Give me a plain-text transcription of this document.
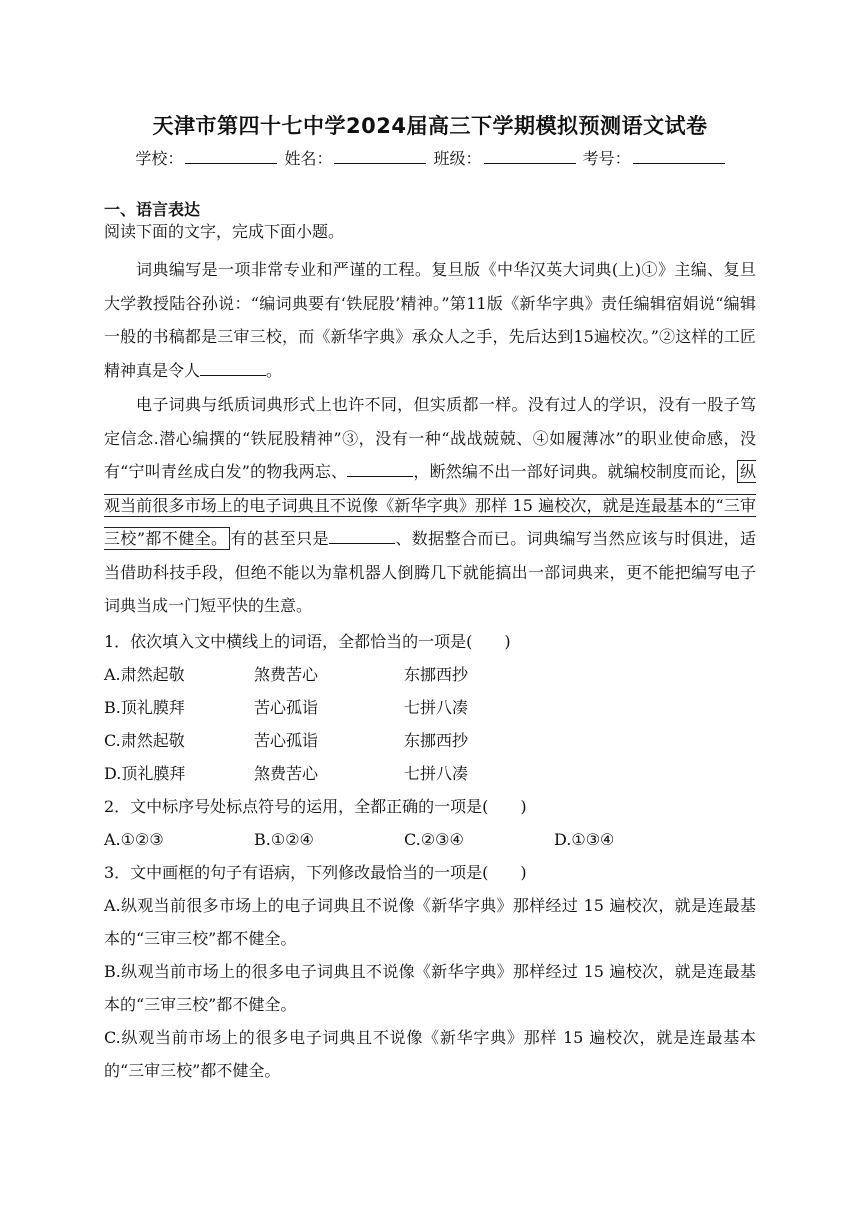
天津市第四十七中学2024届高三下学期模拟预测语文试卷
学校：	姓名：	班级：	考号：
一、语言表达
阅读下面的文字，完成下面小题。

词典编写是一项非常专业和严谨的工程。复旦版《中华汉英大词典(上)①》主编、复旦大学教授陆谷孙说：“编词典要有‘铁屁股’精神。”第11版《新华字典》责任编辑宿娟说“编辑一般的书稿都是三审三校，而《新华字典》承众人之手，先后达到15遍校次。”②这样的工匠精神真是令人	。

电子词典与纸质词典形式上也许不同，但实质都一样。没有过人的学识，没有一股子笃定信念.潜心编撰的“铁屁股精神”③，没有一种“战战兢兢、④如履薄冰”的职业使命感，没有“宁叫青丝成白发”的物我两忘、	，断然编不出一部好词典。就编校制度而论， 纵观当前很多市场上的电子词典且不说像《新华字典》那样 15 遍校次，就是连最基本的“三审三校”都不健全。 有的甚至只是	、数据整合而已。词典编写当然应该与时俱进，适当借助科技手段，但绝不能以为靠机器人倒腾几下就能搞出一部词典来，更不能把编写电子词典当成一门短平快的生意。

1．依次填入文中横线上的词语，全都恰当的一项是(　　)
A.肃然起敬	煞费苦心	东挪西抄
B.顶礼膜拜	苦心孤诣	七拼八凑
C.肃然起敬	苦心孤诣	东挪西抄
D.顶礼膜拜	煞费苦心	七拼八凑
2．文中标序号处标点符号的运用，全都正确的一项是(　　)
A.①②③	B.①②④	C.②③④	D.①③④
3．文中画框的句子有语病，下列修改最恰当的一项是(　　)
A.纵观当前很多市场上的电子词典且不说像《新华字典》那样经过 15 遍校次，就是连最基本的“三审三校”都不健全。
B.纵观当前市场上的很多电子词典且不说像《新华字典》那样经过 15 遍校次，就是连最基本的“三审三校”都不健全。
C.纵观当前市场上的很多电子词典且不说像《新华字典》那样 15 遍校次，就是连最基本的“三审三校”都不健全。
